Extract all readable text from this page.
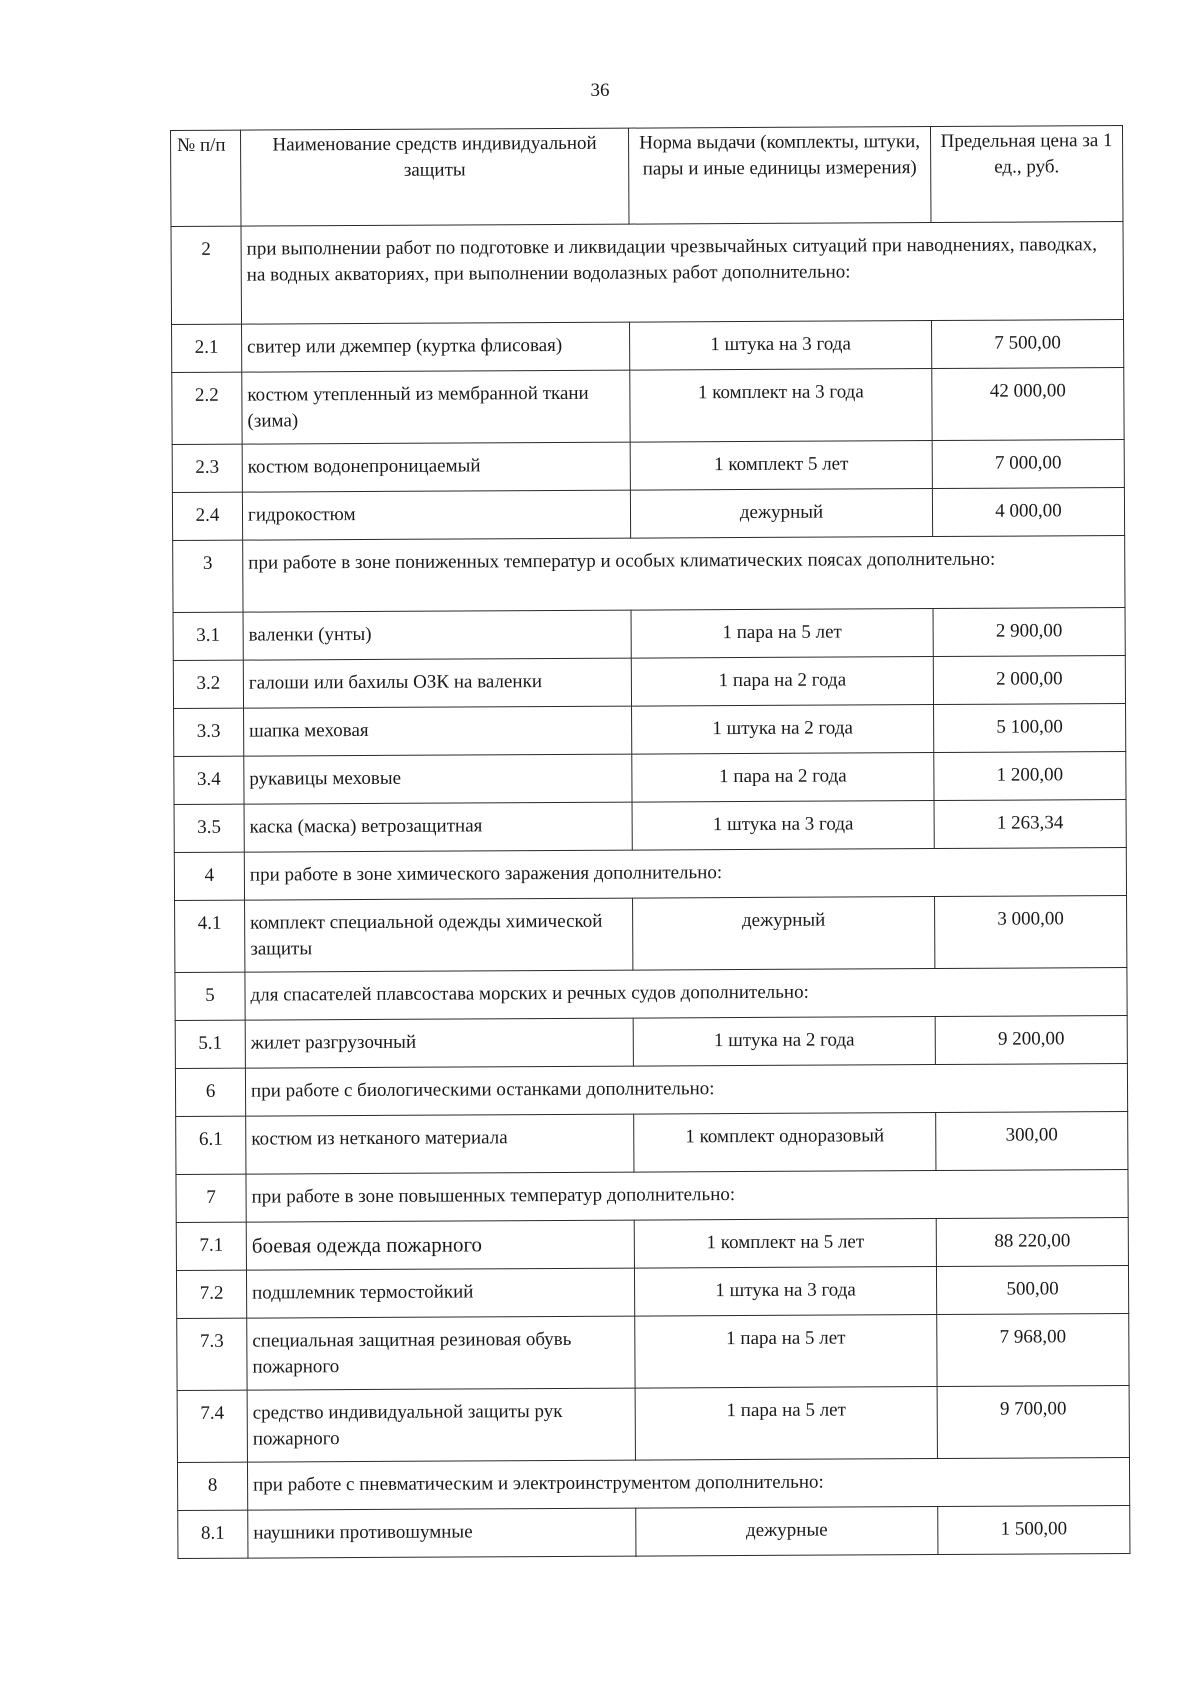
36
№ п/п	Наименование средств индивидуальной защиты	Норма выдачи (комплекты, штуки, пары и иные единицы измерения)	Предельная цена за 1 ед., руб.
2	при выполнении работ по подготовке и ликвидации чрезвычайных ситуаций при наводнениях, паводках, на водных акваториях, при выполнении водолазных работ дополнительно:		
2.1	свитер или джемпер (куртка флисовая)	1 штука на 3 года	7 500,00
2.2	костюм утепленный из мембранной ткани (зима)	1 комплект на 3 года	42 000,00
2.3	костюм водонепроницаемый	1 комплект 5 лет	7 000,00
2.4	гидрокостюм	дежурный	4 000,00
3	при работе в зоне пониженных температур и особых климатических поясах дополнительно:		
3.1	валенки (унты)	1 пара на 5 лет	2 900,00
3.2	галоши или бахилы ОЗК на валенки	1 пара на 2 года	2 000,00
3.3	шапка меховая	1 штука на 2 года	5 100,00
3.4	рукавицы меховые	1 пара на 2 года	1 200,00
3.5	каска (маска) ветрозащитная	1 штука на 3 года	1 263,34
4	при работе в зоне химического заражения дополнительно:		
4.1	комплект специальной одежды химической защиты	дежурный	3 000,00
5	для спасателей плавсостава морских и речных судов дополнительно:		
5.1	жилет разгрузочный	1 штука на 2 года	9 200,00
6	при работе с биологическими останками дополнительно:		
6.1	костюм из нетканого материала	1 комплект одноразовый	300,00
7	при работе в зоне повышенных температур дополнительно:		
7.1	боевая одежда пожарного	1 комплект на 5 лет	88 220,00
7.2	подшлемник термостойкий	1 штука на 3 года	500,00
7.3	специальная защитная резиновая обувь пожарного	1 пара на 5 лет	7 968,00
7.4	средство индивидуальной защиты рук пожарного	1 пара на 5 лет	9 700,00
8	при работе с пневматическим и электроинструментом дополнительно:		
8.1	наушники противошумные	дежурные	1 500,00
